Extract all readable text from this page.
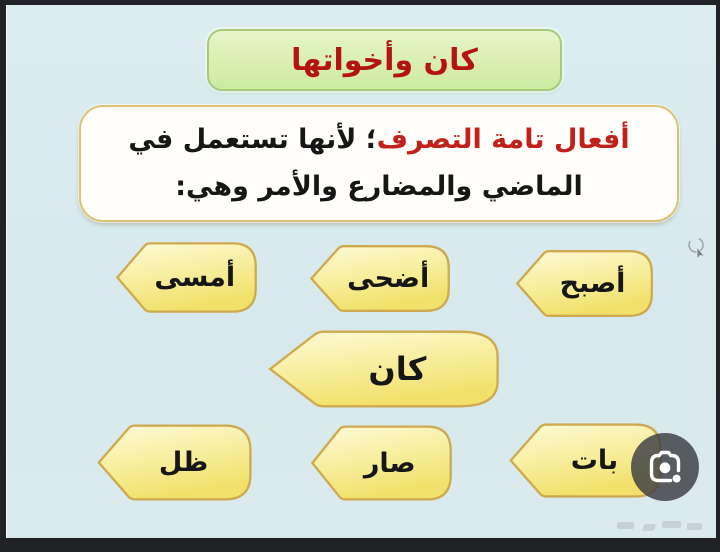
كان وأخواتها
أفعال تامة التصرف؛ لأنها تستعمل في
الماضي والمضارع والأمر وهي:
أمسى	أضحى	أصبح
كان
ظل	صار	بات
